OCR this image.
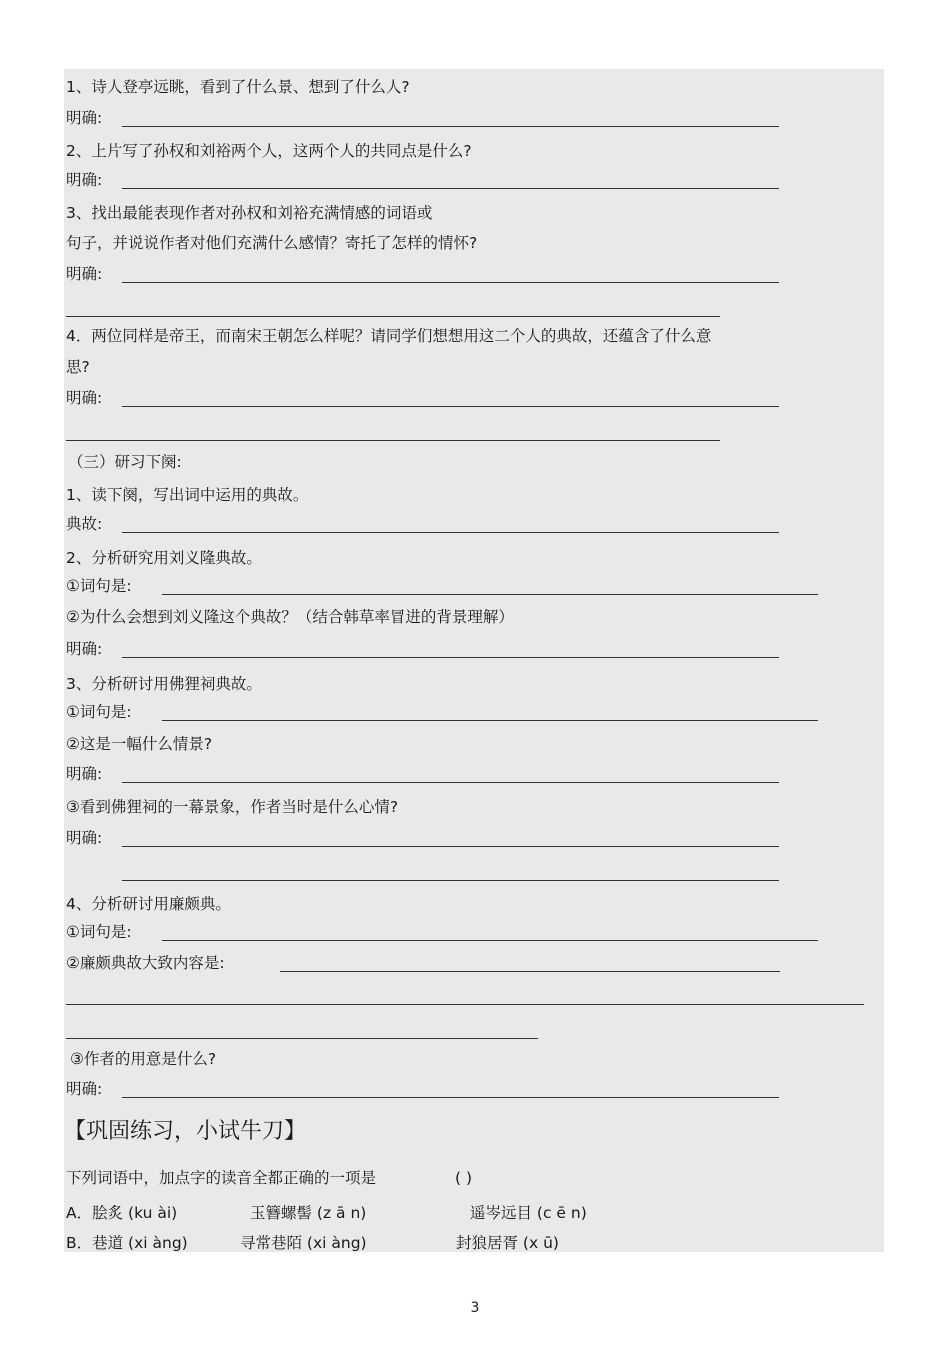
1、诗人登亭远眺，看到了什么景、想到了什么人?
明确:
2、上片写了孙权和刘裕两个人，这两个人的共同点是什么?
明确:
3、找出最能表现作者对孙权和刘裕充满情感的词语或
句子，并说说作者对他们充满什么感情？寄托了怎样的情怀?
明确:
4．两位同样是帝王，而南宋王朝怎么样呢？请同学们想想用这二个人的典故，还蕴含了什么意
思?
明确:
（三）研习下阕:
1、读下阕，写出词中运用的典故。
典故:
2、分析研究用刘义隆典故。
①词句是:
②为什么会想到刘义隆这个典故？（结合韩草率冒进的背景理解）
明确:
3、分析研讨用佛狸祠典故。
①词句是:
②这是一幅什么情景?
明确:
③看到佛狸祠的一幕景象，作者当时是什么心情?
明确:
4、分析研讨用廉颇典。
①词句是:
②廉颇典故大致内容是:
③作者的用意是什么?
明确:
【巩固练习，小试牛刀】
下列词语中，加点字的读音全都正确的一项是	( )
A．脍炙 (ku ài)	玉簪螺髻 (z ā n)	遥岑远目 (c ē n)
B．巷道 (xi àng)	寻常巷陌 (xi àng)	封狼居胥 (x ū)
3
